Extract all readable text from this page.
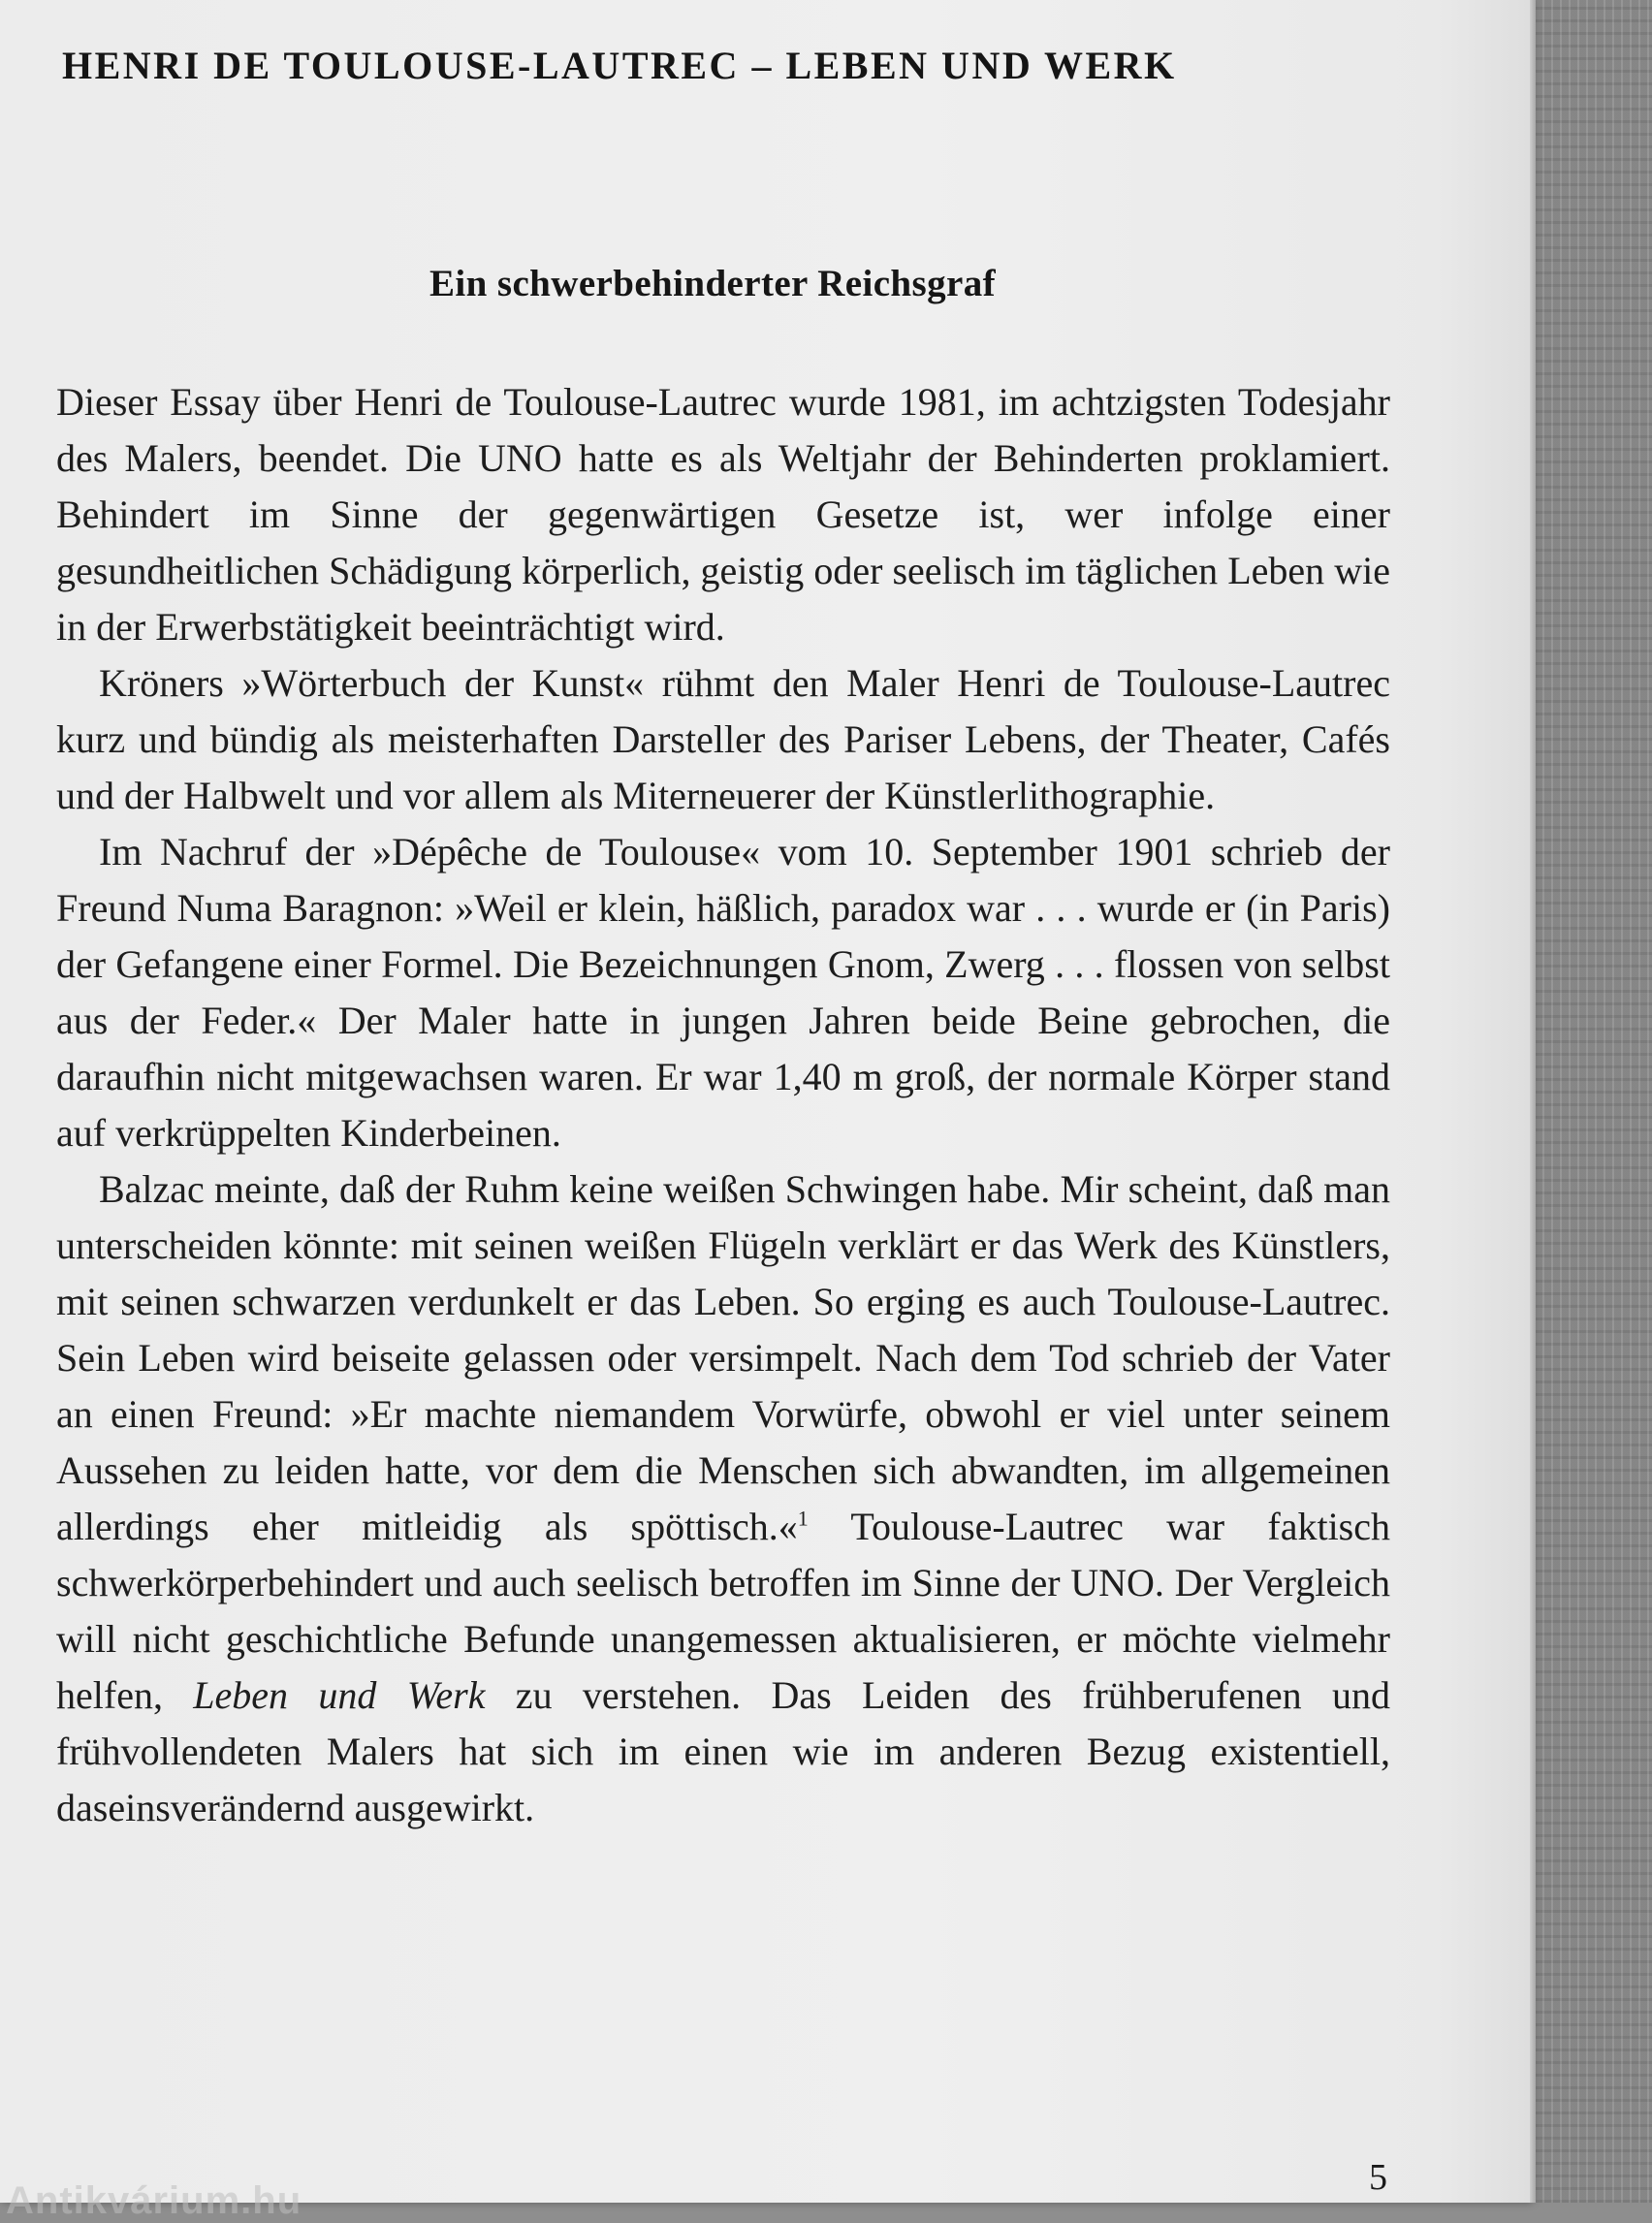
HENRI DE TOULOUSE-LAUTREC – LEBEN UND WERK
Ein schwerbehinderter Reichsgraf

Dieser Essay über Henri de Toulouse-Lautrec wurde 1981, im achtzigsten Todesjahr des Malers, beendet. Die UNO hatte es als Weltjahr der Behinderten proklamiert. Behindert im Sinne der gegenwärtigen Gesetze ist, wer infolge einer gesundheitlichen Schädigung körperlich, geistig oder seelisch im täglichen Leben wie in der Erwerbstätigkeit beeinträchtigt wird.

Kröners »Wörterbuch der Kunst« rühmt den Maler Henri de Toulouse-Lautrec kurz und bündig als meisterhaften Darsteller des Pariser Lebens, der Theater, Cafés und der Halbwelt und vor allem als Miterneuerer der Künstlerlithographie.

Im Nachruf der »Dépêche de Toulouse« vom 10. September 1901 schrieb der Freund Numa Baragnon: »Weil er klein, häßlich, paradox war . . . wurde er (in Paris) der Gefangene einer Formel. Die Bezeichnungen Gnom, Zwerg . . . flossen von selbst aus der Feder.« Der Maler hatte in jungen Jahren beide Beine gebrochen, die daraufhin nicht mitgewachsen waren. Er war 1,40 m groß, der normale Körper stand auf verkrüppelten Kinderbeinen.

Balzac meinte, daß der Ruhm keine weißen Schwingen habe. Mir scheint, daß man unterscheiden könnte: mit seinen weißen Flügeln verklärt er das Werk des Künstlers, mit seinen schwarzen verdunkelt er das Leben. So erging es auch Toulouse-Lautrec. Sein Leben wird beiseite gelassen oder versimpelt. Nach dem Tod schrieb der Vater an einen Freund: »Er machte niemandem Vorwürfe, obwohl er viel unter seinem Aussehen zu leiden hatte, vor dem die Menschen sich abwandten, im allgemeinen allerdings eher mitleidig als spöttisch.«$^1$ Toulouse-Lautrec war faktisch schwerkörperbehindert und auch seelisch betroffen im Sinne der UNO. Der Vergleich will nicht geschichtliche Befunde unangemessen aktualisieren, er möchte vielmehr helfen, Leben und Werk zu verstehen. Das Leiden des frühberufenen und frühvollendeten Malers hat sich im einen wie im anderen Bezug existentiell, daseinsverändernd ausgewirkt.

5
Antikvárium.hu
